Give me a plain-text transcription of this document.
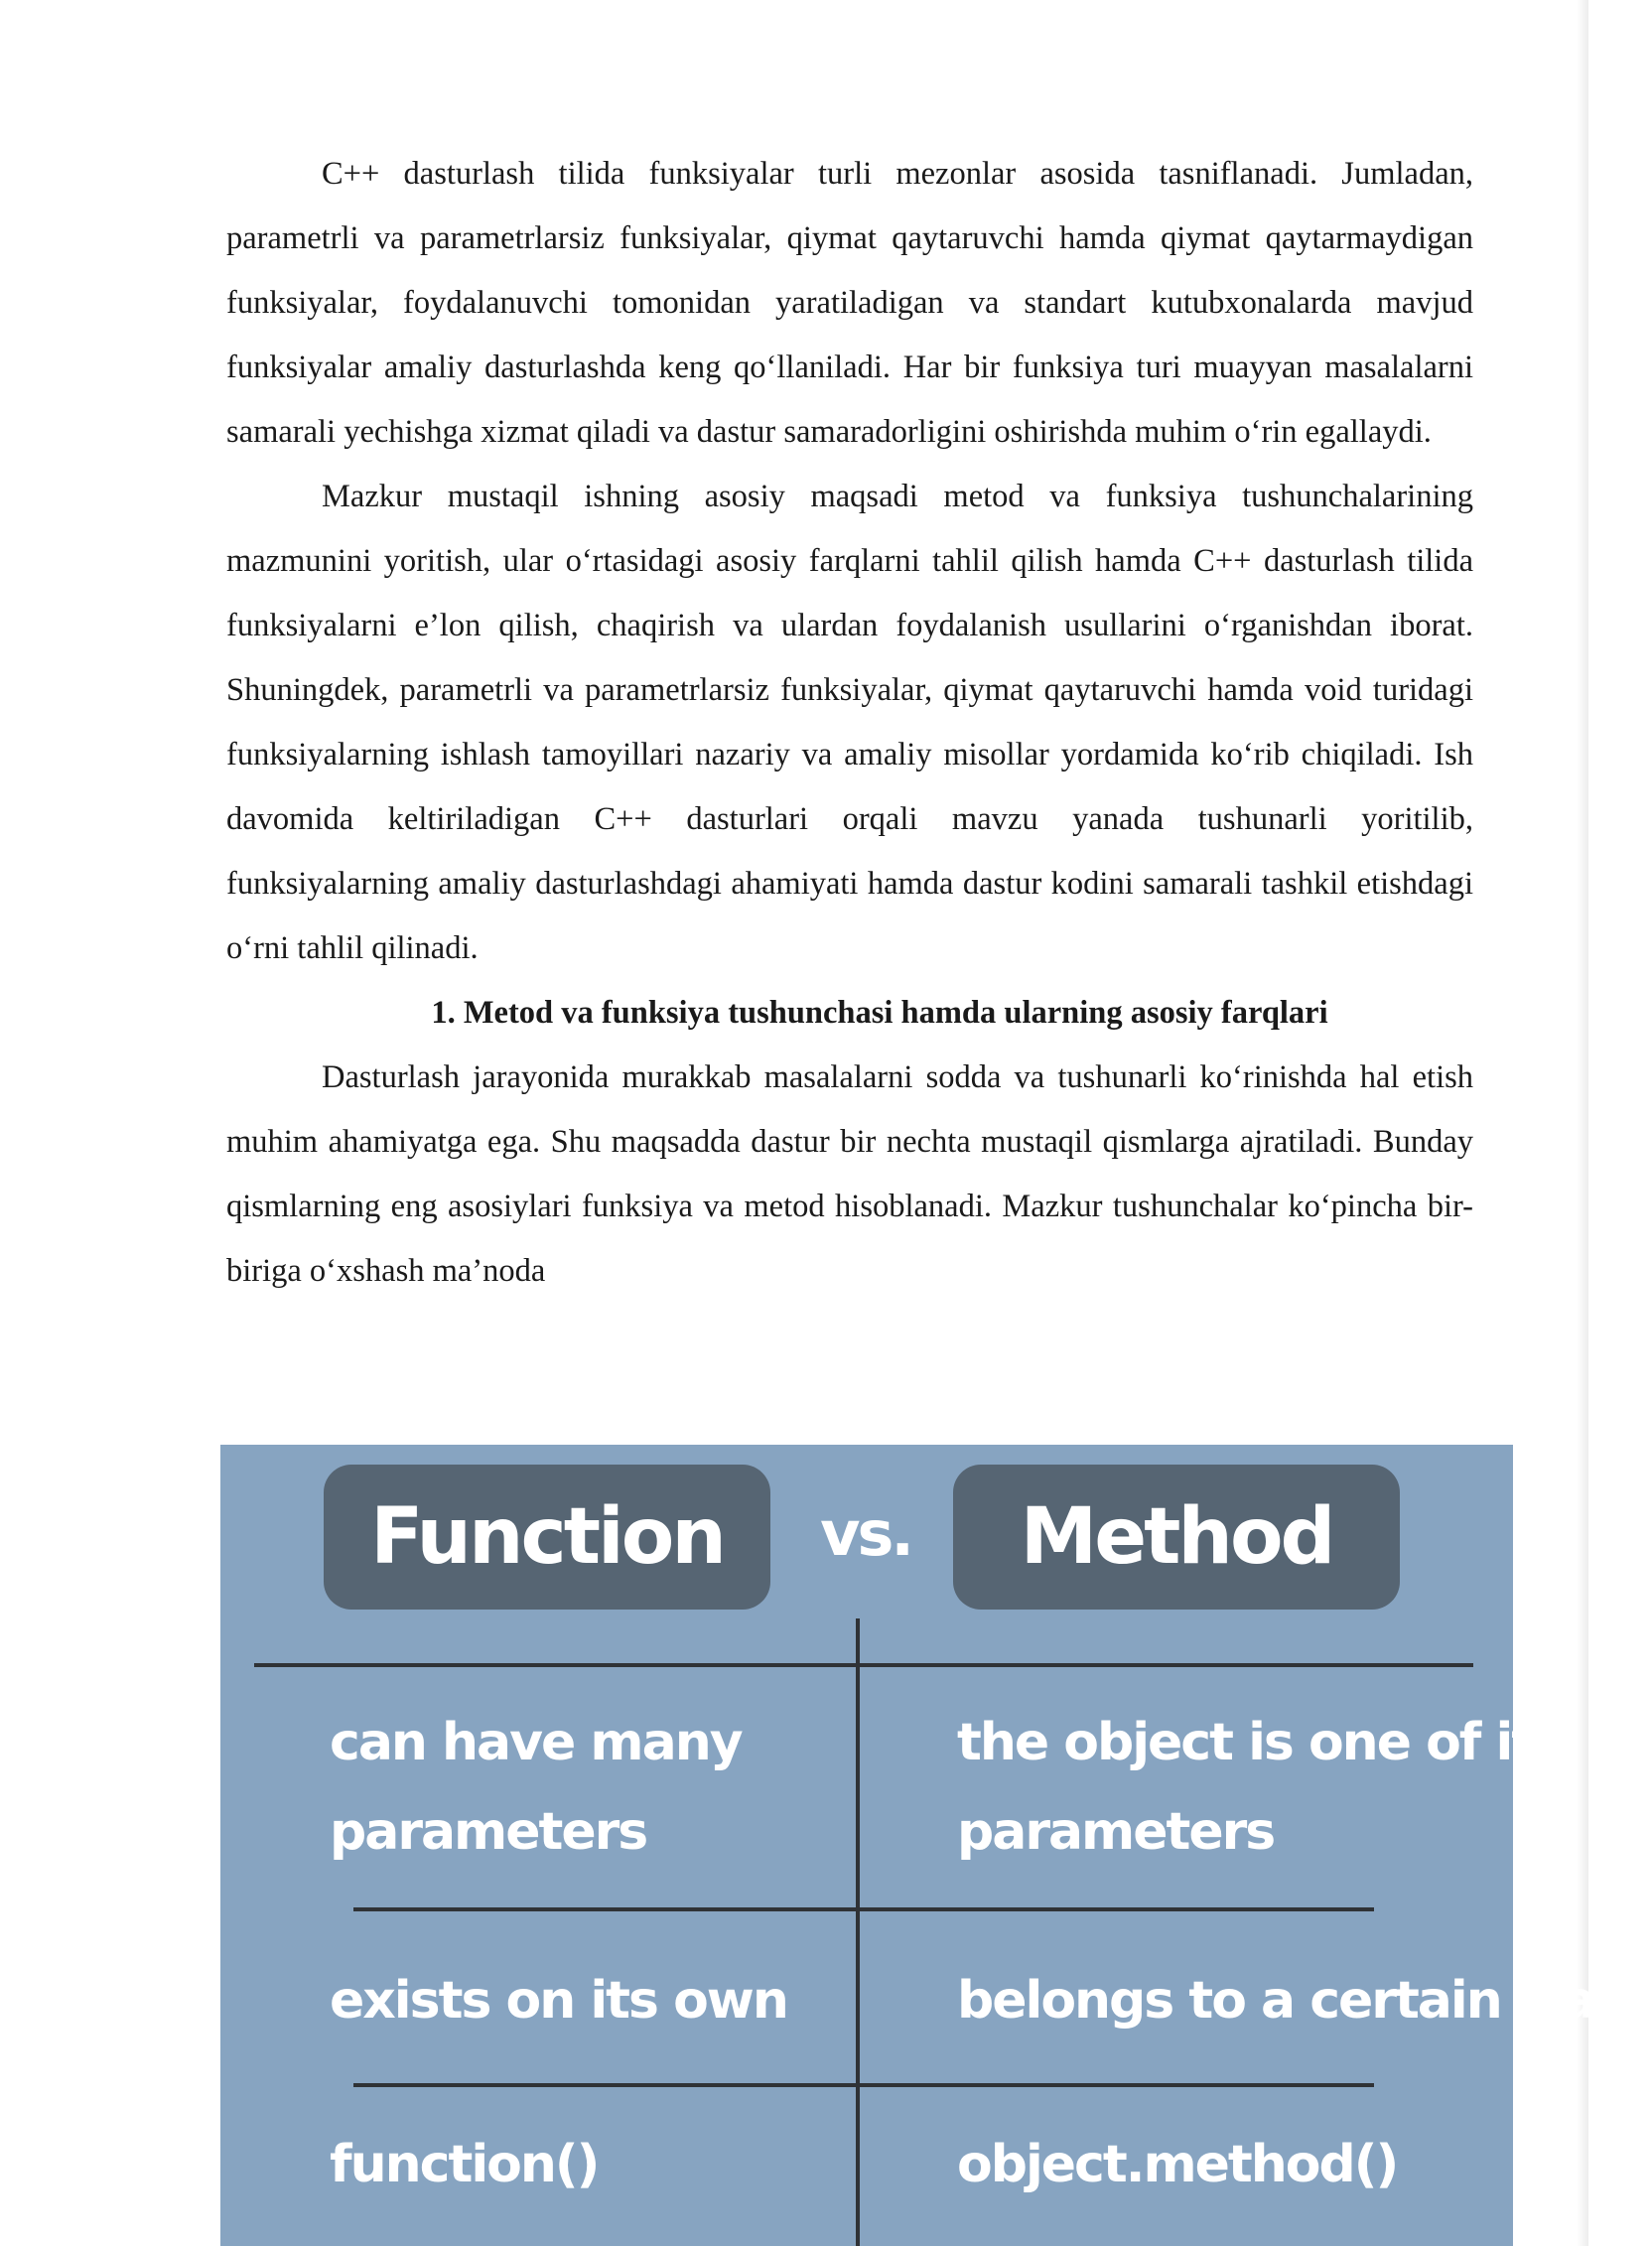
C++ dasturlash tilida funksiyalar turli mezonlar asosida tasniflanadi. Jumladan, parametrli va parametrlarsiz funksiyalar, qiymat qaytaruvchi hamda qiymat qaytarmaydigan funksiyalar, foydalanuvchi tomonidan yaratiladigan va standart kutubxonalarda mavjud funksiyalar amaliy dasturlashda keng qo‘llaniladi. Har bir funksiya turi muayyan masalalarni samarali yechishga xizmat qiladi va dastur samaradorligini oshirishda muhim o‘rin egallaydi.

Mazkur mustaqil ishning asosiy maqsadi metod va funksiya tushunchalarining mazmunini yoritish, ular o‘rtasidagi asosiy farqlarni tahlil qilish hamda C++ dasturlash tilida funksiyalarni e’lon qilish, chaqirish va ulardan foydalanish usullarini o‘rganishdan iborat. Shuningdek, parametrli va parametrlarsiz funksiyalar, qiymat qaytaruvchi hamda void turidagi funksiyalarning ishlash tamoyillari nazariy va amaliy misollar yordamida ko‘rib chiqiladi. Ish davomida keltiriladigan C++ dasturlari orqali mavzu yanada tushunarli yoritilib, funksiyalarning amaliy dasturlashdagi ahamiyati hamda dastur kodini samarali tashkil etishdagi o‘rni tahlil qilinadi.

1. Metod va funksiya tushunchasi hamda ularning asosiy farqlari

Dasturlash jarayonida murakkab masalalarni sodda va tushunarli ko‘rinishda hal etish muhim ahamiyatga ega. Shu maqsadda dastur bir nechta mustaqil qismlarga ajratiladi. Bunday qismlarning eng asosiylari funksiya va metod hisoblanadi. Mazkur tushunchalar ko‘pincha bir-biriga o‘xshash ma’noda

Function vs. Method
can have many
parameters
the object is one of its
parameters
exists on its own	belongs to a certain class
function()	object.method()
